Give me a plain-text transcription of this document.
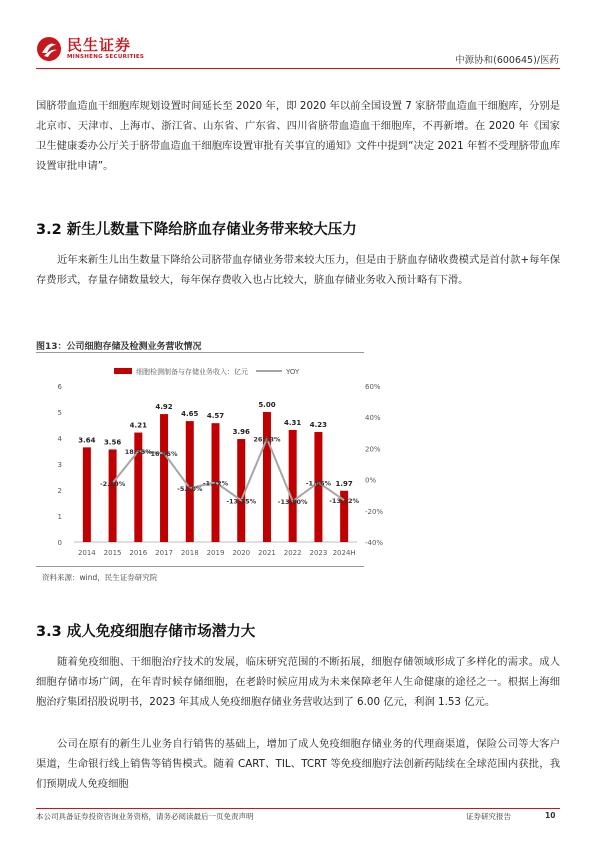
民生证券
MINSHENG SECURITIES	中源协和(600645)/医药
国脐带血造血干细胞库规划设置时间延长至 2020 年，即 2020 年以前全国设置 7 家脐带血造血干细胞库，分别是北京市、天津市、上海市、浙江省、山东省、广东省、四川省脐带血造血干细胞库，不再新增。在 2020 年《国家卫生健康委办公厅关于脐带血造血干细胞库设置审批有关事宜的通知》文件中提到“决定 2021 年暂不受理脐带血库设置审批申请”。
3.2 新生儿数量下降给脐血存储业务带来较大压力
近年来新生儿出生数量下降给公司脐带血存储业务带来较大压力，但是由于脐血存储收费模式是首付款+每年保存费形式，存量存储数量较大，每年保存费收入也占比较大，脐血存储业务收入预计略有下滑。
图13：公司细胞存储及检测业务营收情况
0
1
2
3
4
5
6
-40%
-20%
0%
20%
40%
60%
细胞检测制备与存储业务收入：亿元	YOY
3.64 3.56
4.21
4.92
4.65 4.57
3.96
5.00
4.31 4.23
1.97
-2.20%
18.35%
16.95%
-5.50%
-1.72%
-13.35%
26.33%
-13.80%
-1.86%
-13.12%
2014 2015 2016 2017 2018 2019 2020 2021 2022 2023 2024H
资料来源：wind，民生证券研究院
3.3 成人免疫细胞存储市场潜力大
随着免疫细胞、干细胞治疗技术的发展，临床研究范围的不断拓展，细胞存储领域形成了多样化的需求。成人细胞存储市场广阔，在年青时候存储细胞，在老龄时候应用成为未来保障老年人生命健康的途径之一。根据上海细胞治疗集团招股说明书，2023 年其成人免疫细胞存储业务营收达到了 6.00 亿元，利润 1.53 亿元。
公司在原有的新生儿业务自行销售的基础上，增加了成人免疫细胞存储业务的代理商渠道，保险公司等大客户渠道，生命银行线上销售等销售模式。随着 CART、TIL、TCRT 等免疫细胞疗法创新药陆续在全球范围内获批，我们预期成人免疫细胞
本公司具备证券投资咨询业务资格，请务必阅读最后一页免责声明	证券研究报告	10
